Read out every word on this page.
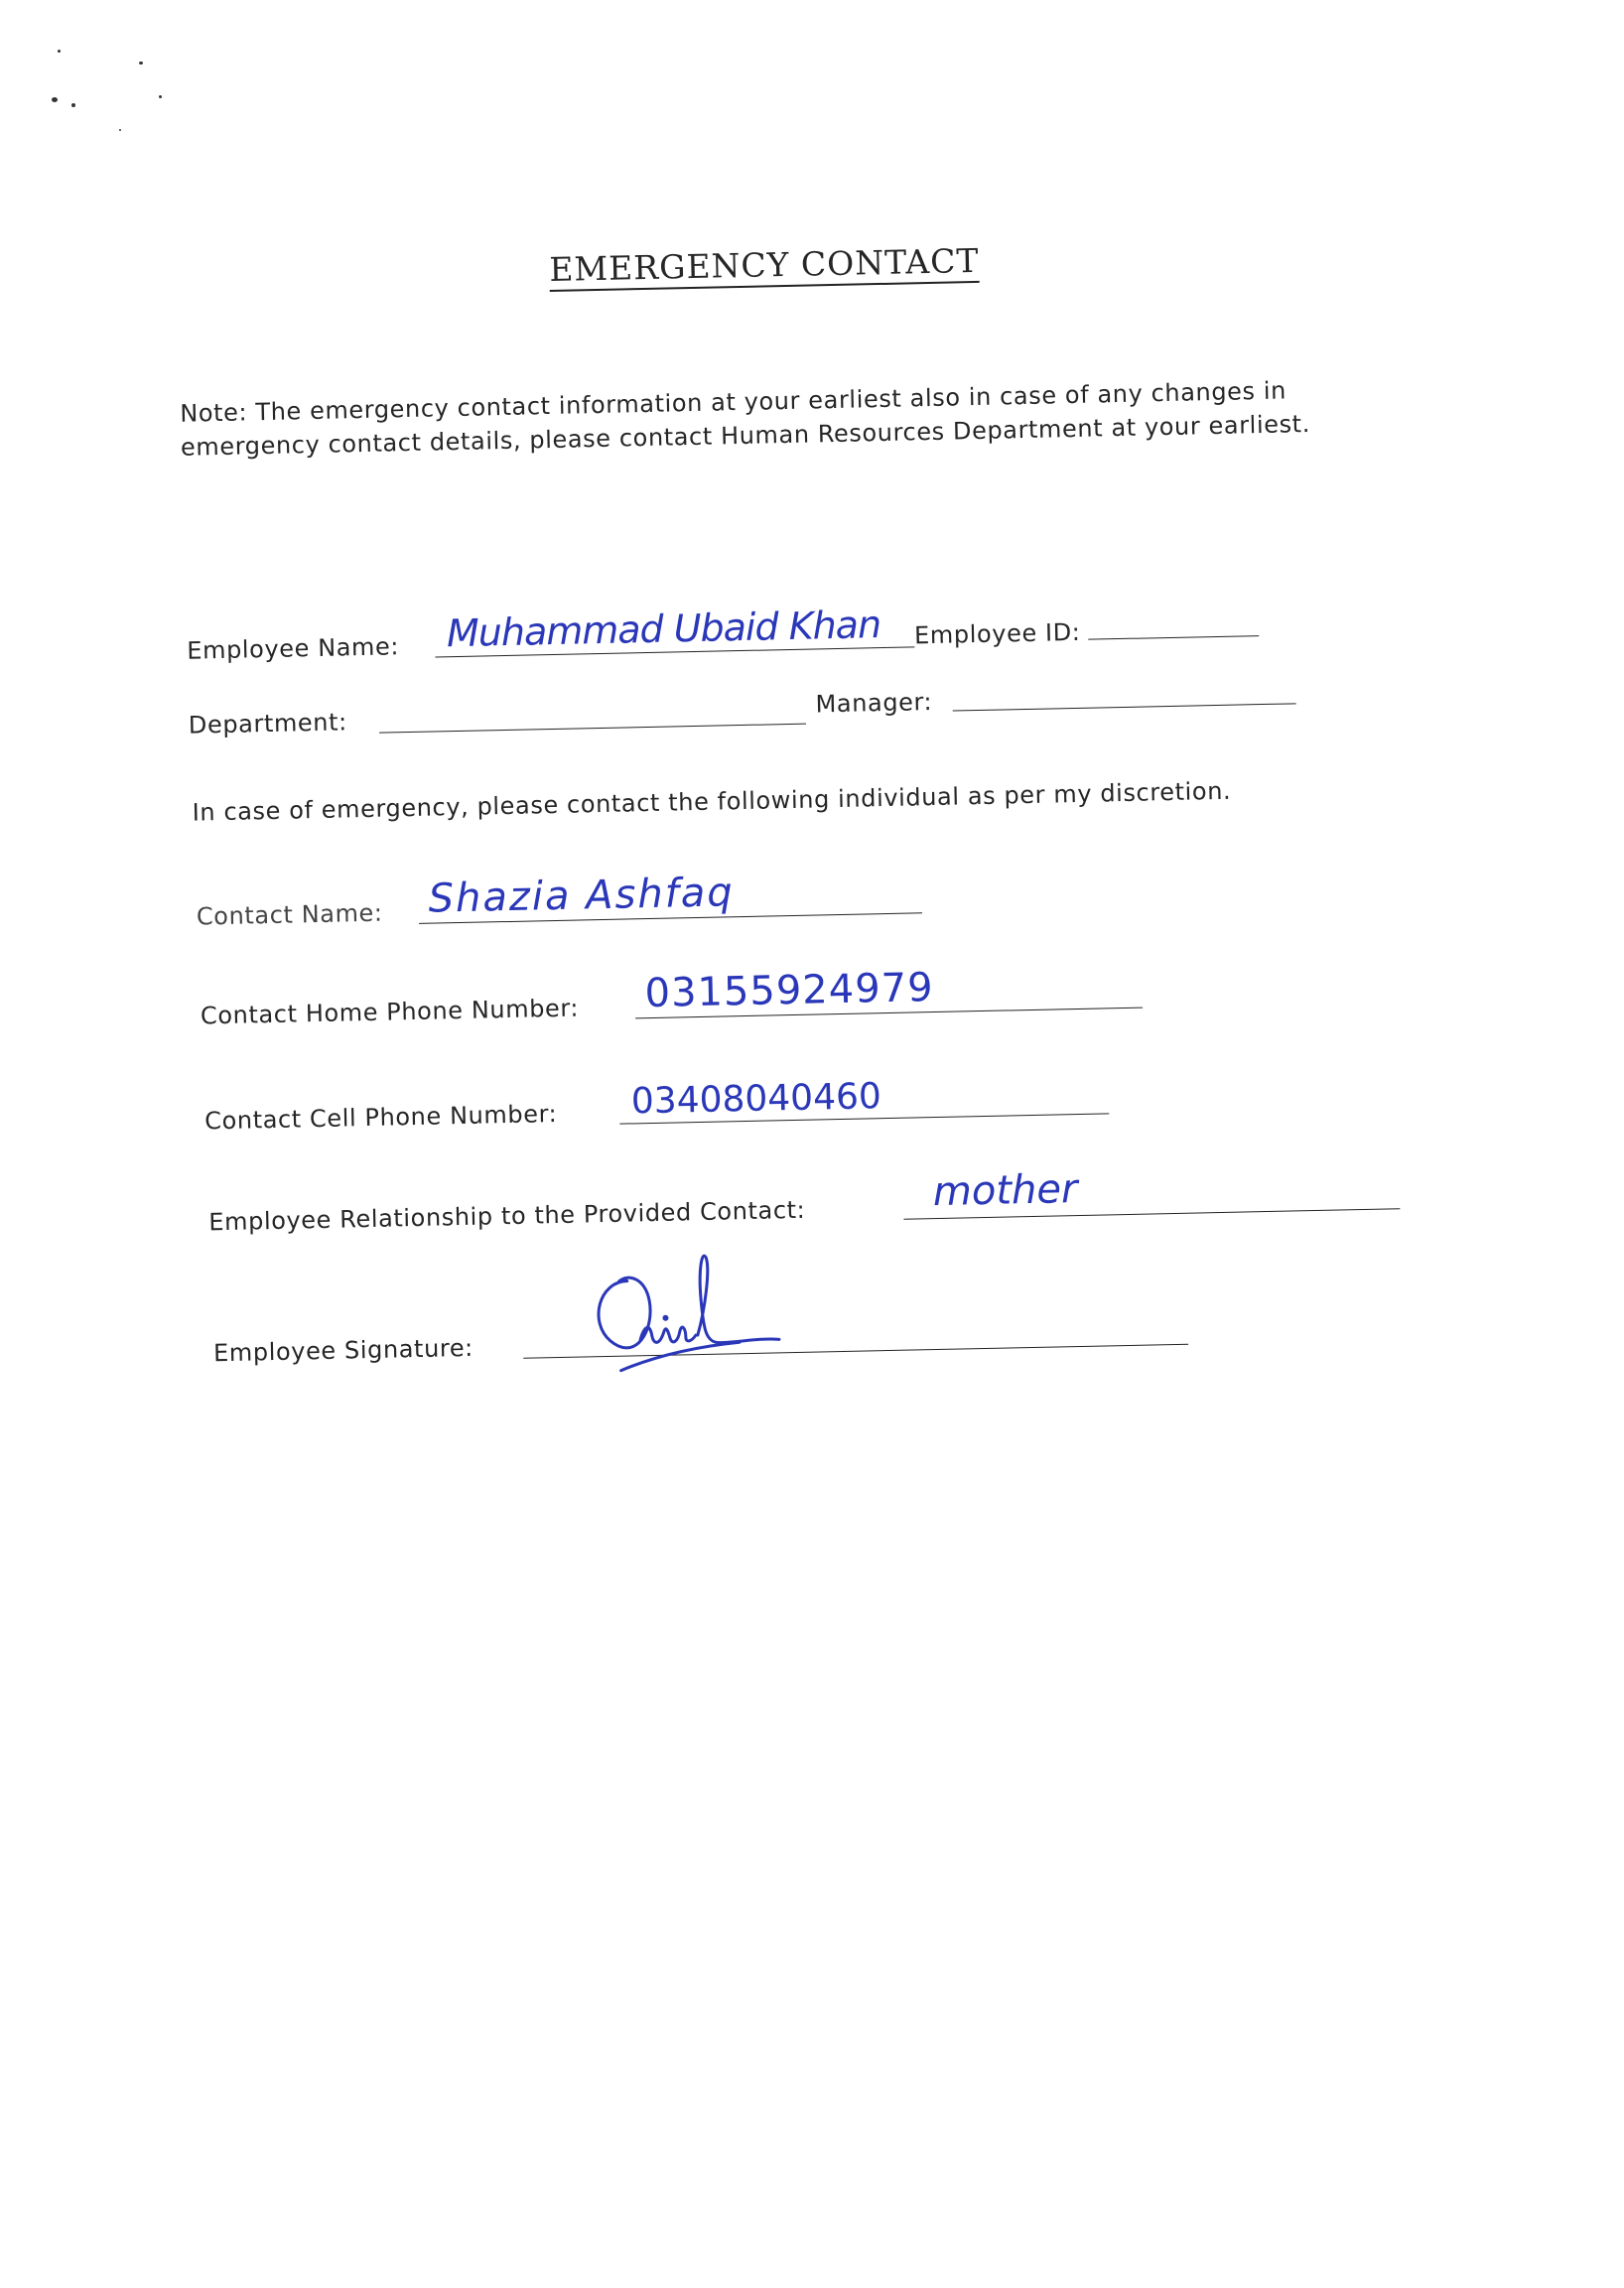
EMERGENCY CONTACT
Note: The emergency contact information at your earliest also in case of any changes in emergency contact details, please contact Human Resources Department at your earliest.
Employee Name: Muhammad Ubaid Khan Employee ID:
Department:
Manager:
In case of emergency, please contact the following individual as per my discretion.
Contact Name: Shazia Ashfaq
Contact Home Phone Number: 03155924979
Contact Cell Phone Number: 03408040460
Employee Relationship to the Provided Contact:
mother
Employee Signature:
